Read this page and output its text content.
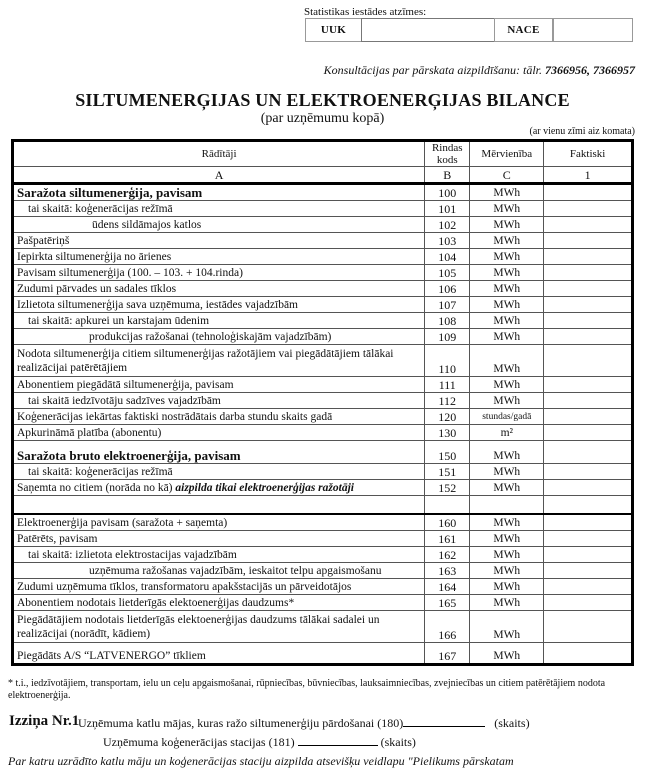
Statistikas iestādes atzīmes:
UUK	NACE
Konsultācijas par pārskata aizpildīšanu: tālr. 7366956, 7366957
SILTUMENERĢIJAS UN ELEKTROENERĢIJAS BILANCE
(par uzņēmumu kopā)
(ar vienu zīmi aiz komata)
Rādītāji	Rindas kods	Mērvienība	Faktiski
A	B	C	1
Saražota siltumenerģija, pavisam	100	MWh	
tai skaitā: koģenerācijas režīmā	101	MWh	
ūdens sildāmajos katlos	102	MWh	
Pašpatēriņš	103	MWh	
Iepirkta siltumenerģija no ārienes	104	MWh	
Pavisam siltumenerģija (100. – 103. + 104.rinda)	105	MWh	
Zudumi pārvades un sadales tīklos	106	MWh	
Izlietota siltumenerģija sava uzņēmuma, iestādes vajadzībām	107	MWh	
tai skaitā: apkurei un karstajam ūdenim	108	MWh	
produkcijas ražošanai (tehnoloģiskajām vajadzībām)	109	MWh	
Nodota siltumenerģija citiem siltumenerģijas ražotājiem vai piegādātājiem tālākai realizācijai patērētājiem	110	MWh	
Abonentiem piegādātā siltumenerģija, pavisam	111	MWh	
tai skaitā iedzīvotāju sadzīves vajadzībām	112	MWh	
Koģenerācijas iekārtas faktiski nostrādātais darba stundu skaits gadā	120	stundas/gadā	
Apkurināmā platība (abonentu)	130	m²	
Saražota bruto elektroenerģija, pavisam	150	MWh	
tai skaitā: koģenerācijas režīmā	151	MWh	
Saņemta no citiem (norāda no kā) aizpilda tikai elektroenerģijas ražotāji	152	MWh	

Elektroenerģija pavisam (saražota + saņemta)	160	MWh	
Patērēts, pavisam	161	MWh	
tai skaitā: izlietota elektrostacijas vajadzībām	162	MWh	
uzņēmuma ražošanas vajadzībām, ieskaitot telpu apgaismošanu	163	MWh	
Zudumi uzņēmuma tīklos, transformatoru apakšstacijās un pārveidotājos	164	MWh	
Abonentiem nodotais lietderīgās elektoenerģijas daudzums*	165	MWh	
Piegādātājiem nodotais lietderīgās elektoenerģijas daudzums tālākai sadalei un realizācijai (norādīt, kādiem)	166	MWh	
Piegādāts A/S “LATVENERGO” tīkliem	167	MWh	
* t.i., iedzīvotājiem, transportam, ielu un ceļu apgaismošanai, rūpniecības, būvniecības, lauksaimniecības, zvejniecības un citiem patērētājiem nodota elektroenerģija.
Izziņa Nr.1
Uzņēmuma katlu mājas, kuras ražo siltumenerģiju pārdošanai (180)	(skaits)
Uzņēmuma koģenerācijas stacijas (181)	(skaits)
Par katru uzrādīto katlu māju un koģenerācijas staciju aizpilda atsevišķu veidlapu "Pielikums pārskatam
